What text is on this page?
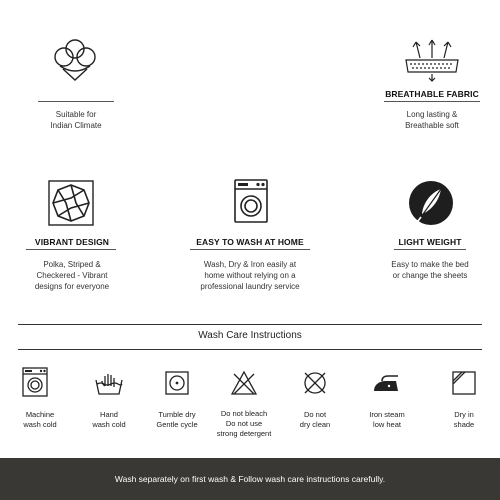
Suitable for
Indian Climate
BREATHABLE FABRIC
Long lasting &
Breathable soft
VIBRANT DESIGN
Polka, Striped &
Checkered - Vibrant
designs for everyone
EASY TO WASH AT HOME
Wash, Dry & Iron easily at
home without relying on a
professional laundry service
LIGHT WEIGHT
Easy to make the bed
or change the sheets
Wash Care Instructions
Machine
wash cold
Hand
wash cold
Tumble dry
Gentle cycle
Do not bleach
Do not use
strong detergent
Do not
dry clean
Iron steam
low heat
Dry in
shade
Wash separately on first wash & Follow wash care instructions carefully.
